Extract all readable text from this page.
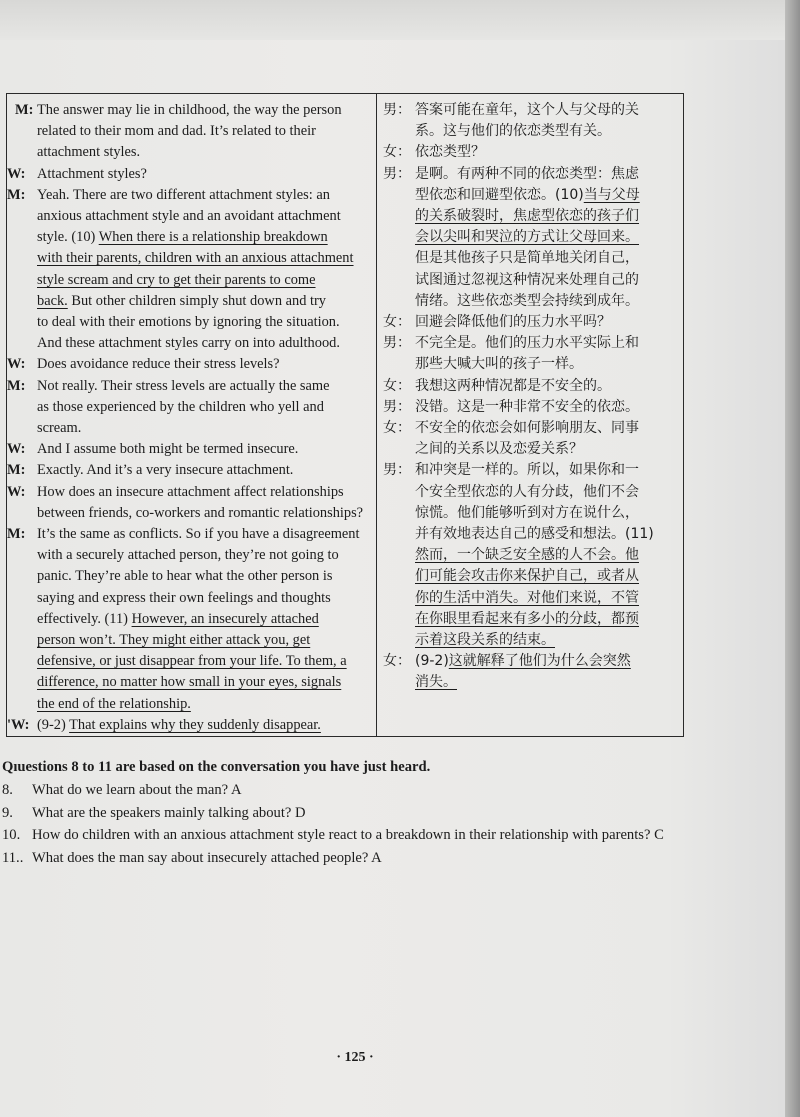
M: The answer may lie in childhood, the way the person
related to their mom and dad. It’s related to their
attachment styles.
W: Attachment styles?
M: Yeah. There are two different attachment styles: an
anxious attachment style and an avoidant attachment
style. (10) When there is a relationship breakdown
with their parents, children with an anxious attachment
style scream and cry to get their parents to come
back. But other children simply shut down and try
to deal with their emotions by ignoring the situation.
And these attachment styles carry on into adulthood.
W: Does avoidance reduce their stress levels?
M: Not really. Their stress levels are actually the same
as those experienced by the children who yell and
scream.
W: And I assume both might be termed insecure.
M: Exactly. And it’s a very insecure attachment.
W: How does an insecure attachment affect relationships
between friends, co-workers and romantic relationships?
M: It’s the same as conflicts. So if you have a disagreement
with a securely attached person, they’re not going to
panic. They’re able to hear what the other person is
saying and express their own feelings and thoughts
effectively. (11) However, an insecurely attached
person won’t. They might either attack you, get
defensive, or just disappear from your life. To them, a
difference, no matter how small in your eyes, signals
the end of the relationship.
'W: (9-2) That explains why they suddenly disappear.

男： 答案可能在童年，这个人与父母的关
系。这与他们的依恋类型有关。
女： 依恋类型？
男： 是啊。有两种不同的依恋类型：焦虑
型依恋和回避型依恋。(10)当与父母
的关系破裂时，焦虑型依恋的孩子们
会以尖叫和哭泣的方式让父母回来。
但是其他孩子只是简单地关闭自己，
试图通过忽视这种情况来处理自己的
情绪。这些依恋类型会持续到成年。
女： 回避会降低他们的压力水平吗？
男： 不完全是。他们的压力水平实际上和
那些大喊大叫的孩子一样。
女： 我想这两种情况都是不安全的。
男： 没错。这是一种非常不安全的依恋。
女： 不安全的依恋会如何影响朋友、同事
之间的关系以及恋爱关系？
男： 和冲突是一样的。所以，如果你和一
个安全型依恋的人有分歧，他们不会
惊慌。他们能够听到对方在说什么，
并有效地表达自己的感受和想法。(11)
然而，一个缺乏安全感的人不会。他
们可能会攻击你来保护自己，或者从
你的生活中消失。对他们来说，不管
在你眼里看起来有多小的分歧，都预
示着这段关系的结束。
女： (9-2)这就解释了他们为什么会突然
消失。
Qıuestions 8 to 11 are based on the conversation you have just heard.
8. What do we learn about the man? A
9. What are the speakers mainly talking about? D
10. How do children with an anxious attachment style react to a breakdown in their relationship with parents? C
11.. What does the man say about insecurely attached people? A

· 125 ·
